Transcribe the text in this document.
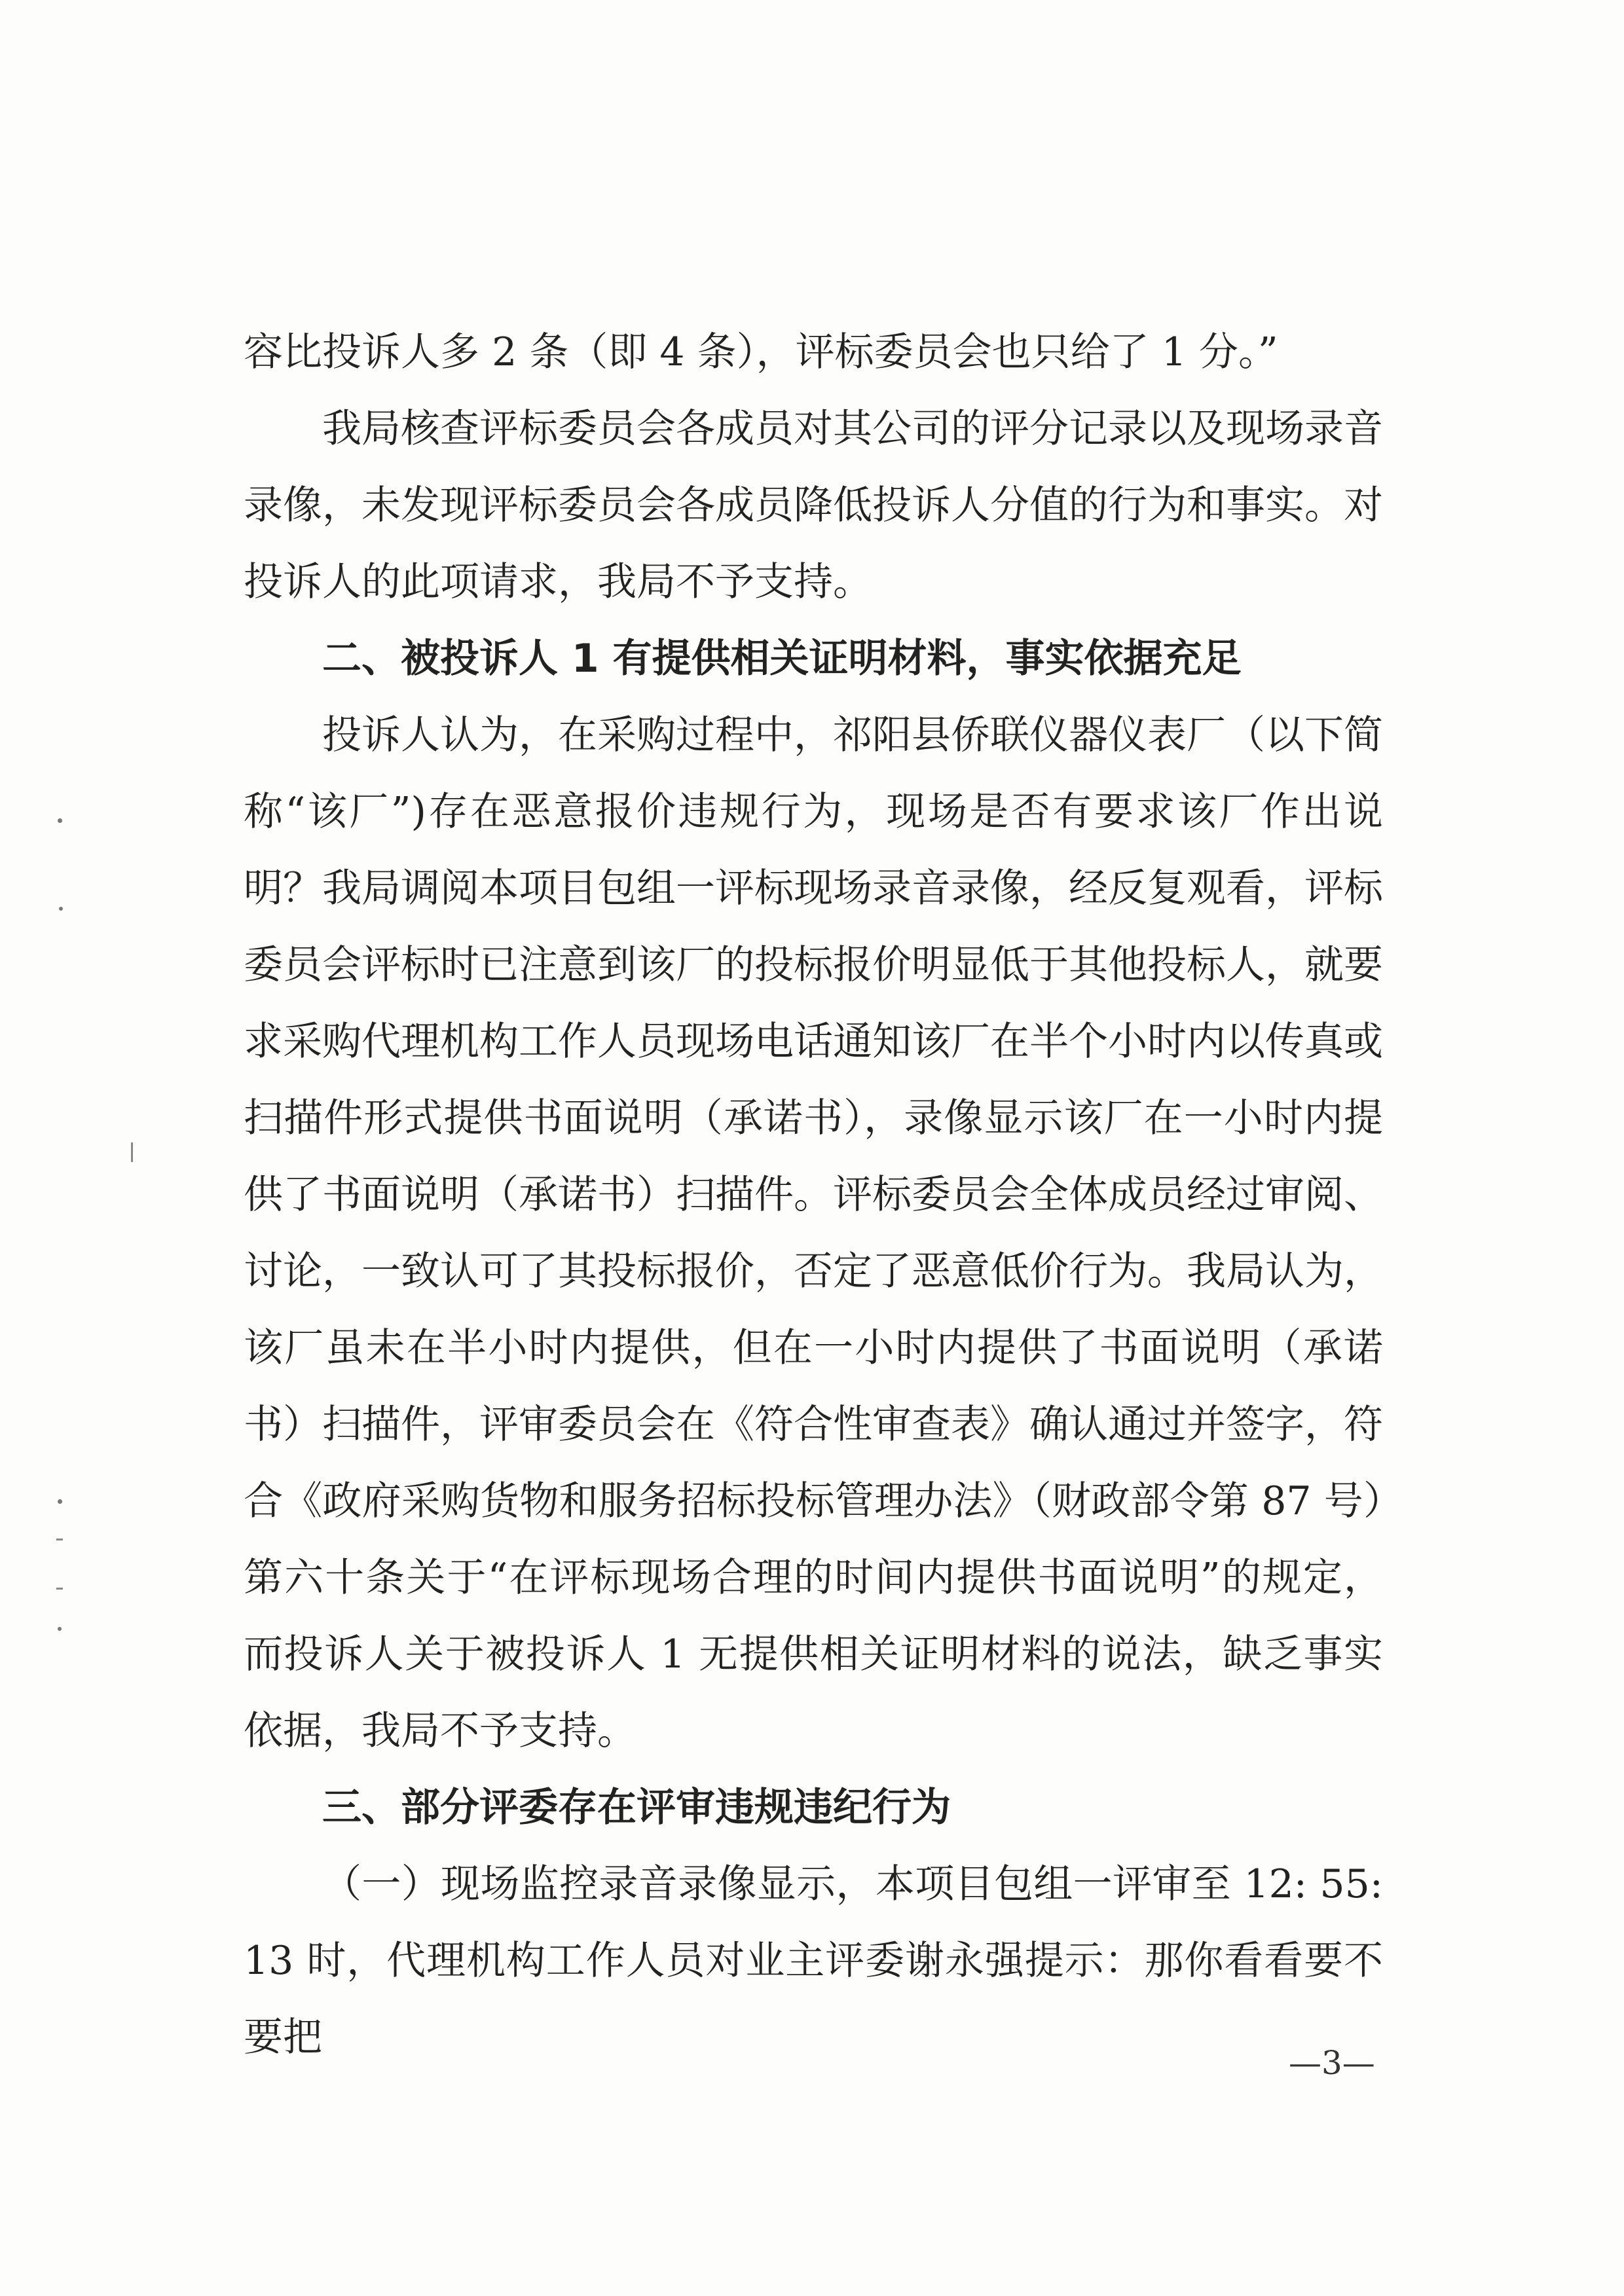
容比投诉人多 2 条（即 4 条），评标委员会也只给了 1 分。”

我局核查评标委员会各成员对其公司的评分记录以及现场录音录像，未发现评标委员会各成员降低投诉人分值的行为和事实。对投诉人的此项请求，我局不予支持。

二、被投诉人 1 有提供相关证明材料，事实依据充足

投诉人认为，在采购过程中，祁阳县侨联仪器仪表厂（以下简称“该厂”)存在恶意报价违规行为，现场是否有要求该厂作出说明？我局调阅本项目包组一评标现场录音录像，经反复观看，评标委员会评标时已注意到该厂的投标报价明显低于其他投标人，就要求采购代理机构工作人员现场电话通知该厂在半个小时内以传真或扫描件形式提供书面说明（承诺书），录像显示该厂在一小时内提供了书面说明（承诺书）扫描件。评标委员会全体成员经过审阅、讨论，一致认可了其投标报价，否定了恶意低价行为。我局认为，该厂虽未在半小时内提供，但在一小时内提供了书面说明（承诺书）扫描件，评审委员会在《符合性审查表》确认通过并签字，符合《政府采购货物和服务招标投标管理办法》（财政部令第 87 号）第六十条关于“在评标现场合理的时间内提供书面说明”的规定，而投诉人关于被投诉人 1 无提供相关证明材料的说法，缺乏事实依据，我局不予支持。

三、部分评委存在评审违规违纪行为

（一）现场监控录音录像显示，本项目包组一评审至 12: 55: 13 时，代理机构工作人员对业主评委谢永强提示：那你看看要不要把

—3—
